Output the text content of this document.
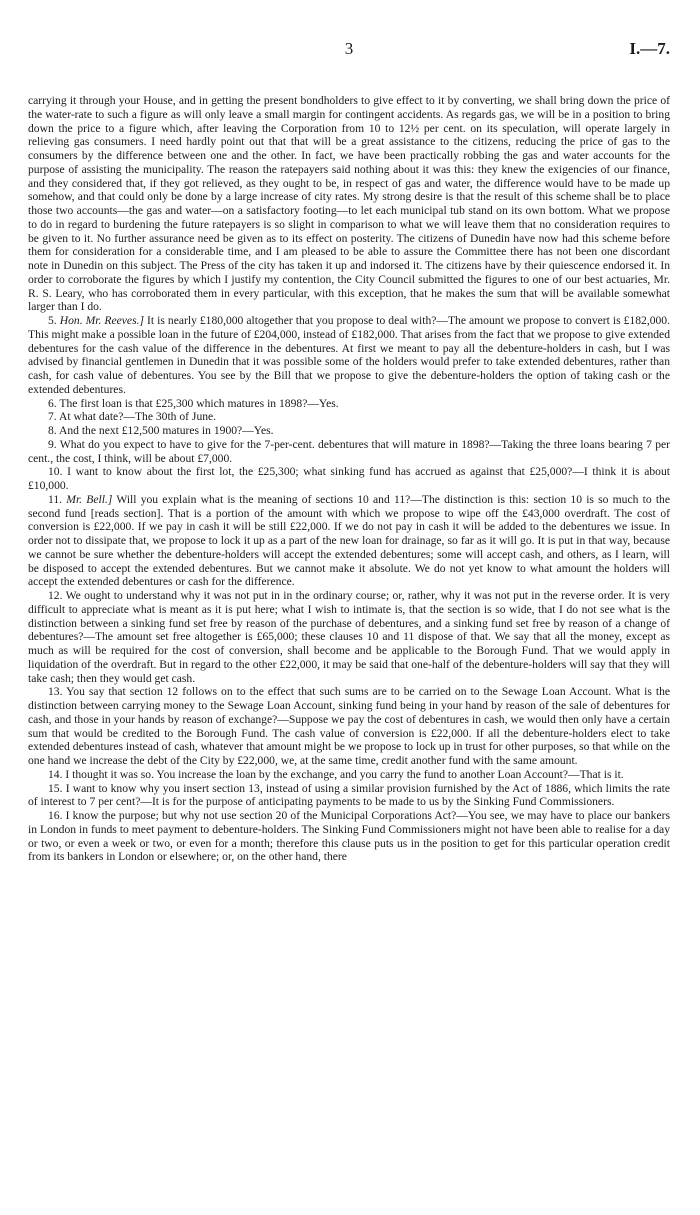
3	I.—7.

carrying it through your House, and in getting the present bondholders to give effect to it by converting, we shall bring down the price of the water-rate to such a figure as will only leave a small margin for contingent accidents. As regards gas, we will be in a position to bring down the price to a figure which, after leaving the Corporation from 10 to 12½ per cent. on its speculation, will operate largely in relieving gas consumers. I need hardly point out that that will be a great assistance to the citizens, reducing the price of gas to the consumers by the difference between one and the other. In fact, we have been practically robbing the gas and water accounts for the purpose of assisting the municipality. The reason the ratepayers said nothing about it was this: they knew the exigencies of our finance, and they considered that, if they got relieved, as they ought to be, in respect of gas and water, the difference would have to be made up somehow, and that could only be done by a large increase of city rates. My strong desire is that the result of this scheme shall be to place those two accounts—the gas and water—on a satisfactory footing—to let each municipal tub stand on its own bottom. What we propose to do in regard to burdening the future ratepayers is so slight in comparison to what we will leave them that no consideration requires to be given to it. No further assurance need be given as to its effect on posterity. The citizens of Dunedin have now had this scheme before them for consideration for a considerable time, and I am pleased to be able to assure the Committee there has not been one discordant note in Dunedin on this subject. The Press of the city has taken it up and indorsed it. The citizens have by their quiescence endorsed it. In order to corroborate the figures by which I justify my contention, the City Council submitted the figures to one of our best actuaries, Mr. R. S. Leary, who has corroborated them in every particular, with this exception, that he makes the sum that will be available somewhat larger than I do.

5. Hon. Mr. Reeves.] It is nearly £180,000 altogether that you propose to deal with?—The amount we propose to convert is £182,000. This might make a possible loan in the future of £204,000, instead of £182,000. That arises from the fact that we propose to give extended debentures for the cash value of the difference in the debentures. At first we meant to pay all the debenture-holders in cash, but I was advised by financial gentlemen in Dunedin that it was possible some of the holders would prefer to take extended debentures, rather than cash, for cash value of debentures. You see by the Bill that we propose to give the debenture-holders the option of taking cash or the extended debentures.

6. The first loan is that £25,300 which matures in 1898?—Yes.

7. At what date?—The 30th of June.

8. And the next £12,500 matures in 1900?—Yes.

9. What do you expect to have to give for the 7-per-cent. debentures that will mature in 1898?—Taking the three loans bearing 7 per cent., the cost, I think, will be about £7,000.

10. I want to know about the first lot, the £25,300; what sinking fund has accrued as against that £25,000?—I think it is about £10,000.

11. Mr. Bell.] Will you explain what is the meaning of sections 10 and 11?—The distinction is this: section 10 is so much to the second fund [reads section]. That is a portion of the amount with which we propose to wipe off the £43,000 overdraft. The cost of conversion is £22,000. If we pay in cash it will be still £22,000. If we do not pay in cash it will be added to the debentures we issue. In order not to dissipate that, we propose to lock it up as a part of the new loan for drainage, so far as it will go. It is put in that way, because we cannot be sure whether the debenture-holders will accept the extended debentures; some will accept cash, and others, as I learn, will be disposed to accept the extended debentures. But we cannot make it absolute. We do not yet know to what amount the holders will accept the extended debentures or cash for the difference.

12. We ought to understand why it was not put in in the ordinary course; or, rather, why it was not put in the reverse order. It is very difficult to appreciate what is meant as it is put here; what I wish to intimate is, that the section is so wide, that I do not see what is the distinction between a sinking fund set free by reason of the purchase of debentures, and a sinking fund set free by reason of a change of debentures?—The amount set free altogether is £65,000; these clauses 10 and 11 dispose of that. We say that all the money, except as much as will be required for the cost of conversion, shall become and be applicable to the Borough Fund. That we would apply in liquidation of the overdraft. But in regard to the other £22,000, it may be said that one-half of the debenture-holders will say that they will take cash; then they would get cash.

13. You say that section 12 follows on to the effect that such sums are to be carried on to the Sewage Loan Account. What is the distinction between carrying money to the Sewage Loan Account, sinking fund being in your hand by reason of the sale of debentures for cash, and those in your hands by reason of exchange?—Suppose we pay the cost of debentures in cash, we would then only have a certain sum that would be credited to the Borough Fund. The cash value of conversion is £22,000. If all the debenture-holders elect to take extended debentures instead of cash, whatever that amount might be we propose to lock up in trust for other purposes, so that while on the one hand we increase the debt of the City by £22,000, we, at the same time, credit another fund with the same amount.

14. I thought it was so. You increase the loan by the exchange, and you carry the fund to another Loan Account?—That is it.

15. I want to know why you insert section 13, instead of using a similar provision furnished by the Act of 1886, which limits the rate of interest to 7 per cent?—It is for the purpose of anticipating payments to be made to us by the Sinking Fund Commissioners.

16. I know the purpose; but why not use section 20 of the Municipal Corporations Act?—You see, we may have to place our bankers in London in funds to meet payment to debenture-holders. The Sinking Fund Commissioners might not have been able to realise for a day or two, or even a week or two, or even for a month; therefore this clause puts us in the position to get for this particular operation credit from its bankers in London or elsewhere; or, on the other hand, there
